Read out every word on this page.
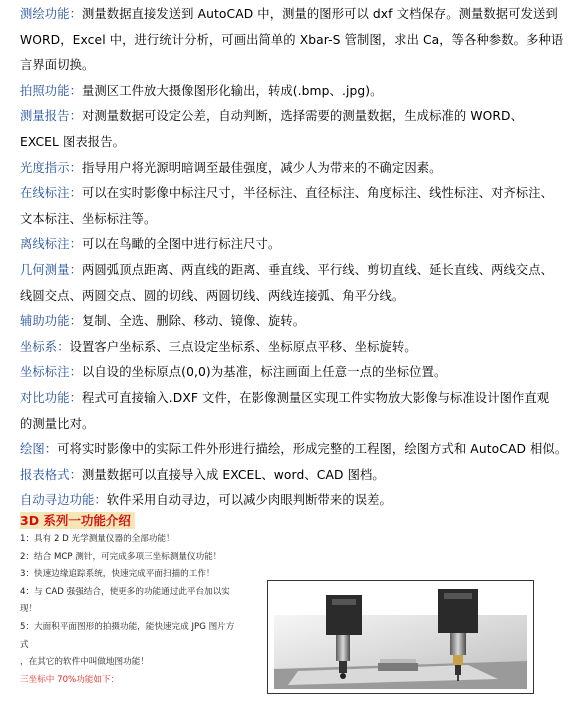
测绘功能：测量数据直接发送到 AutoCAD 中，测量的图形可以 dxf 文档保存。测量数据可发送到
WORD，Excel 中，进行统计分析，可画出简单的 Xbar-S 管制图，求出 Ca，等各种参数。多种语
言界面切换。

拍照功能：量测区工件放大摄像图形化输出，转成(.bmp、.jpg)。

测量报告：对测量数据可设定公差，自动判断，选择需要的测量数据，生成标准的 WORD、
EXCEL 图表报告。

光度指示：指导用户将光源明暗调至最佳强度，减少人为带来的不确定因素。

在线标注：可以在实时影像中标注尺寸，半径标注、直径标注、角度标注、线性标注、对齐标注、
文本标注、坐标标注等。

离线标注：可以在鸟瞰的全图中进行标注尺寸。

几何测量：两圆弧顶点距离、两直线的距离、垂直线、平行线、剪切直线、延长直线、两线交点、
线圆交点、两圆交点、圆的切线、两圆切线、两线连接弧、角平分线。

辅助功能：复制、全选、删除、移动、镜像、旋转。

坐标系：设置客户坐标系、三点设定坐标系、坐标原点平移、坐标旋转。

坐标标注：以自设的坐标原点(0,0)为基准，标注画面上任意一点的坐标位置。

对比功能：程式可直接输入.DXF 文件，在影像测量区实现工件实物放大影像与标准设计图作直观
的测量比对。

绘图：可将实时影像中的实际工件外形进行描绘，形成完整的工程图，绘图方式和 AutoCAD 相似。

报表格式：测量数据可以直接导入成 EXCEL、word、CAD 图档。

自动寻边功能：软件采用自动寻边，可以减少肉眼判断带来的误差。

3D 系列一功能介绍
1：具有 2 D 光学测量仪器的全部功能！
2：结合 MCP 测针，可完成多项三坐标测量仪功能！
3：快速边缘追踪系统，快速完成平面扫描的工作！
4：与 CAD 强强结合，使更多的功能通过此平台加以实
现！
5：大面积平面图形的拍摄功能，能快速完成 JPG 图片方
式
，在其它的软件中叫做地图功能！
三坐标中 70%功能如下：
